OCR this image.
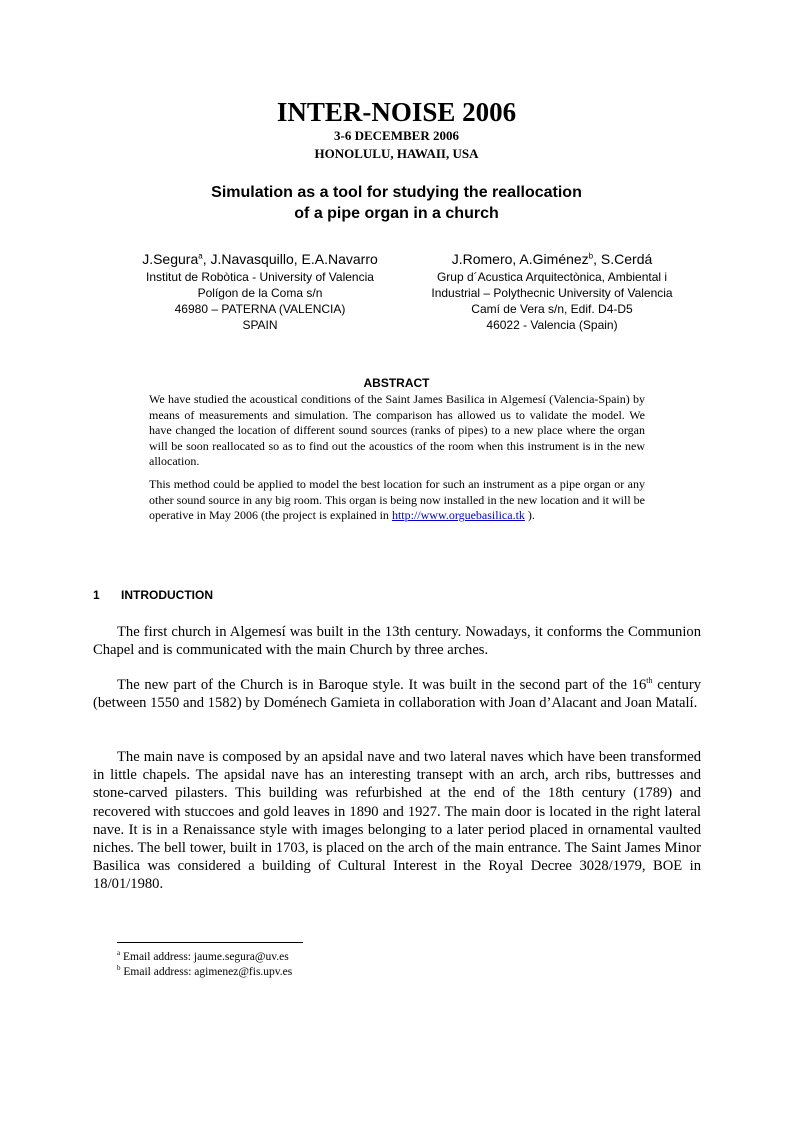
INTER-NOISE 2006
3-6 DECEMBER 2006
HONOLULU, HAWAII, USA
Simulation as a tool for studying the reallocation
of a pipe organ in a church
J.Segura$^a$, J.Navasquillo, E.A.Navarro
Institut de Robòtica - University of Valencia
Polígon de la Coma s/n
46980 – PATERNA (VALENCIA)
SPAIN
J.Romero, A.Giménez$^b$, S.Cerdá
Grup d´Acustica Arquitectònica, Ambiental i
Industrial – Polythecnic University of Valencia
Camí de Vera s/n, Edif. D4-D5
46022 - Valencia (Spain)
ABSTRACT

We have studied the acoustical conditions of the Saint James Basilica in Algemesí (Valencia-Spain) by means of measurements and simulation. The comparison has allowed us to validate the model. We have changed the location of different sound sources (ranks of pipes) to a new place where the organ will be soon reallocated so as to find out the acoustics of the room when this instrument is in the new allocation.

This method could be applied to model the best location for such an instrument as a pipe organ or any other sound source in any big room. This organ is being now installed in the new location and it will be operative in May 2006 (the project is explained in http://www.orguebasilica.tk ).

1 INTRODUCTION

The first church in Algemesí was built in the 13th century. Nowadays, it conforms the Communion Chapel and is communicated with the main Church by three arches.

The new part of the Church is in Baroque style. It was built in the second part of the 16th century (between 1550 and 1582) by Doménech Gamieta in collaboration with Joan d’Alacant and Joan Matalí.

The main nave is composed by an apsidal nave and two lateral naves which have been transformed in little chapels. The apsidal nave has an interesting transept with an arch, arch ribs, buttresses and stone-carved pilasters. This building was refurbished at the end of the 18th century (1789) and recovered with stuccoes and gold leaves in 1890 and 1927. The main door is located in the right lateral nave. It is in a Renaissance style with images belonging to a later period placed in ornamental vaulted niches. The bell tower, built in 1703, is placed on the arch of the main entrance. The Saint James Minor Basilica was considered a building of Cultural Interest in the Royal Decree 3028/1979, BOE in 18/01/1980.

$^a$ Email address: jaume.segura@uv.es
$^b$ Email address: agimenez@fis.upv.es
